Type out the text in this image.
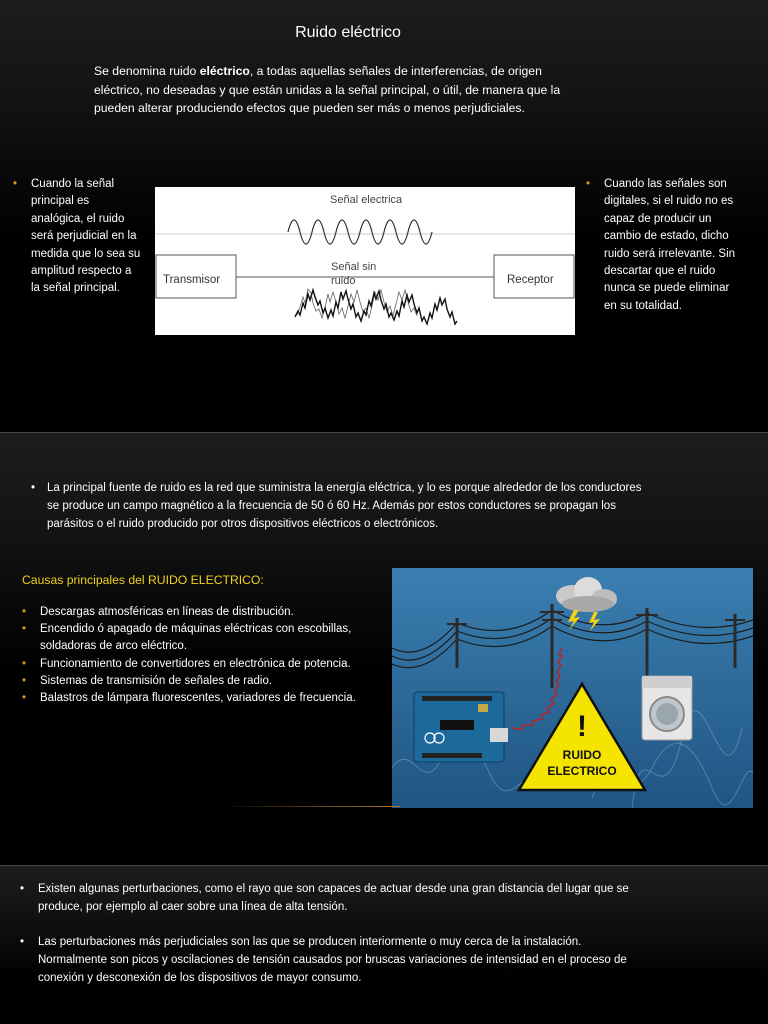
Ruido eléctrico

Se denomina ruido eléctrico, a todas aquellas señales de interferencias, de origen eléctrico, no deseadas y que están unidas a la señal principal, o útil, de manera que la pueden alterar produciendo efectos que pueden ser más o menos perjudiciales.

• Cuando la señal principal es analógica, el ruido será perjudicial en la medida que lo sea su amplitud respecto a la señal principal.
Señal electrica
Transmisor	Receptor
Señal sin
ruido
• Cuando las señales son digitales, si el ruido no es capaz de producir un cambio de estado, dicho ruido será irrelevante. Sin descartar que el ruido nunca se puede eliminar en su totalidad.
• La principal fuente de ruido es la red que suministra la energía eléctrica, y lo es porque alrededor de los conductores se produce un campo magnético a la frecuencia de 50 ó 60 Hz. Además por estos conductores se propagan los parásitos o el ruido producido por otros dispositivos eléctricos o electrónicos.
Causas principales del RUIDO ELECTRICO:
• Descargas atmosféricas en líneas de distribución.
• Encendido ó apagado de máquinas eléctricas con escobillas, soldadoras de arco eléctrico.
• Funcionamiento de convertidores en electrónica de potencia.
• Sistemas de transmisión de señales de radio.
• Balastros de lámpara fluorescentes, variadores de frecuencia.
!
RUIDO
ELECTRICO
• Existen algunas perturbaciones, como el rayo que son capaces de actuar desde una gran distancia del lugar que se produce, por ejemplo al caer sobre una línea de alta tensión.
• Las perturbaciones más perjudiciales son las que se producen interiormente o muy cerca de la instalación. Normalmente son picos y oscilaciones de tensión causados por bruscas variaciones de intensidad en el proceso de conexión y desconexión de los dispositivos de mayor consumo.
